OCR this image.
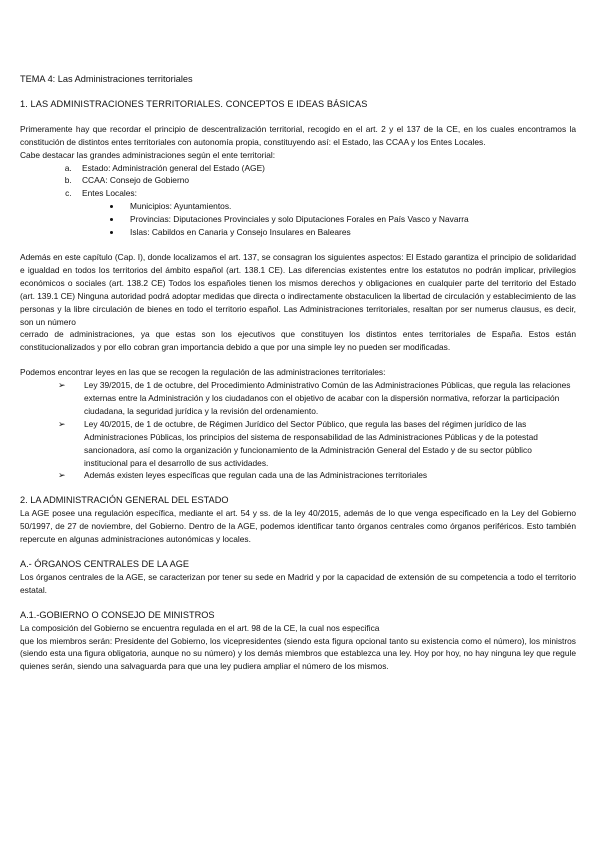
TEMA 4: Las Administraciones territoriales

1. LAS ADMINISTRACIONES TERRITORIALES. CONCEPTOS E IDEAS BÁSICAS

Primeramente hay que recordar el principio de descentralización territorial, recogido en el art. 2 y el 137 de la CE, en los cuales encontramos la constitución de distintos entes territoriales con autonomía propia, constituyendo así: el Estado, las CCAA y los Entes Locales.

Cabe destacar las grandes administraciones según el ente territorial:

a. Estado: Administración general del Estado (AGE)
b. CCAA: Consejo de Gobierno
c. Entes Locales:
• Municipios: Ayuntamientos.
• Provincias: Diputaciones Provinciales y solo Diputaciones Forales en País Vasco y Navarra
• Islas: Cabildos en Canaria y Consejo Insulares en Baleares

Además en este capítulo (Cap. I), donde localizamos el art. 137, se consagran los siguientes aspectos: El Estado garantiza el principio de solidaridad e igualdad en todos los territorios del ámbito español (art. 138.1 CE). Las diferencias existentes entre los estatutos no podrán implicar, privilegios económicos o sociales (art. 138.2 CE) Todos los españoles tienen los mismos derechos y obligaciones en cualquier parte del territorio del Estado (art. 139.1 CE) Ninguna autoridad podrá adoptar medidas que directa o indirectamente obstaculicen la libertad de circulación y establecimiento de las personas y la libre circulación de bienes en todo el territorio español. Las Administraciones territoriales, resaltan por ser numerus clausus, es decir, son un número

cerrado de administraciones, ya que estas son los ejecutivos que constituyen los distintos entes territoriales de España. Estos están constitucionalizados y por ello cobran gran importancia debido a que por una simple ley no pueden ser modificadas.

Podemos encontrar leyes en las que se recogen la regulación de las administraciones territoriales:

➢ Ley 39/2015, de 1 de octubre, del Procedimiento Administrativo Común de las Administraciones Públicas, que regula las relaciones externas entre la Administración y los ciudadanos con el objetivo de acabar con la dispersión normativa, reforzar la participación ciudadana, la seguridad jurídica y la revisión del ordenamiento.
➢ Ley 40/2015, de 1 de octubre, de Régimen Jurídico del Sector Público, que regula las bases del régimen jurídico de las Administraciones Públicas, los principios del sistema de responsabilidad de las Administraciones Públicas y de la potestad sancionadora, así como la organización y funcionamiento de la Administración General del Estado y de su sector público institucional para el desarrollo de sus actividades.
➢ Además existen leyes específicas que regulan cada una de las Administraciones territoriales

2. LA ADMINISTRACIÓN GENERAL DEL ESTADO

La AGE posee una regulación específica, mediante el art. 54 y ss. de la ley 40/2015, además de lo que venga especificado en la Ley del Gobierno 50/1997, de 27 de noviembre, del Gobierno. Dentro de la AGE, podemos identificar tanto órganos centrales como órganos periféricos. Esto también repercute en algunas administraciones autonómicas y locales.

A.- ÓRGANOS CENTRALES DE LA AGE

Los órganos centrales de la AGE, se caracterizan por tener su sede en Madrid y por la capacidad de extensión de su competencia a todo el territorio estatal.

A.1.-GOBIERNO O CONSEJO DE MINISTROS

La composición del Gobierno se encuentra regulada en el art. 98 de la CE, la cual nos especifica

que los miembros serán: Presidente del Gobierno, los vicepresidentes (siendo esta figura opcional tanto su existencia como el número), los ministros (siendo esta una figura obligatoria, aunque no su número) y los demás miembros que establezca una ley. Hoy por hoy, no hay ninguna ley que regule quienes serán, siendo una salvaguarda para que una ley pudiera ampliar el número de los mismos.
